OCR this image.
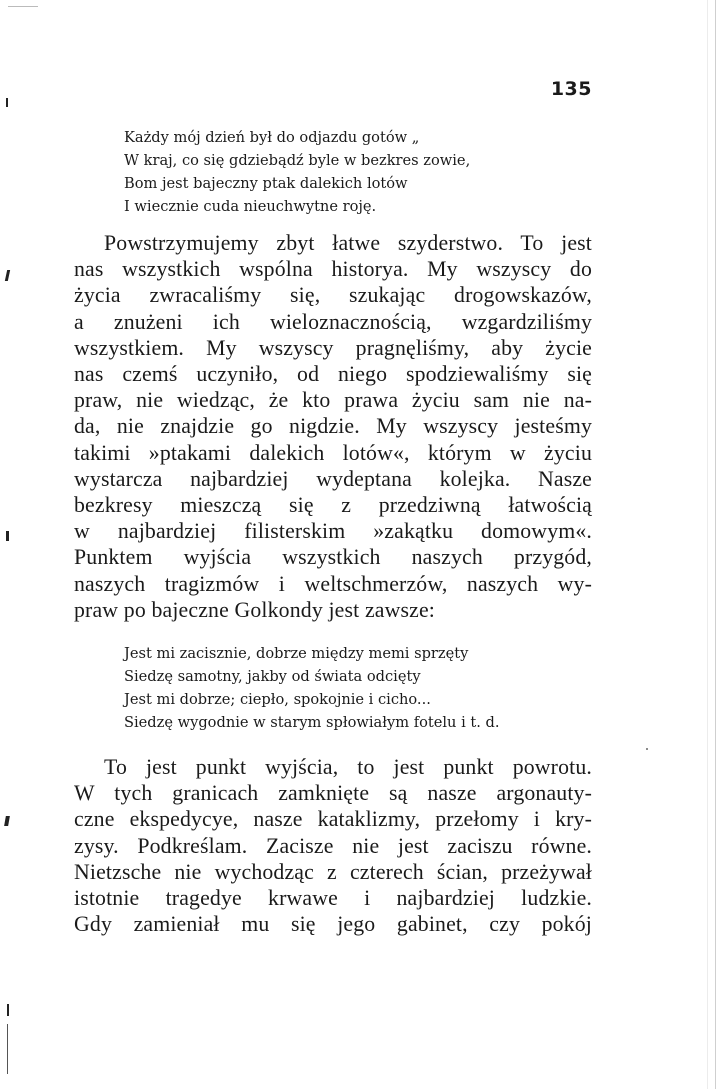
135
Każdy mój dzień był do odjazdu gotów „
W kraj, co się gdziebądź byle w bezkres zowie,
Bom jest bajeczny ptak dalekich lotów
I wiecznie cuda nieuchwytne roję.
Powstrzymujemy zbyt łatwe szyderstwo. To jest
nas wszystkich wspólna historya. My wszyscy do
życia zwracaliśmy się, szukając drogowskazów,
a znużeni ich wieloznacznością, wzgardziliśmy
wszystkiem. My wszyscy pragnęliśmy, aby życie
nas czemś uczyniło, od niego spodziewaliśmy się
praw, nie wiedząc, że kto prawa życiu sam nie na-
da, nie znajdzie go nigdzie. My wszyscy jesteśmy
takimi »ptakami dalekich lotów«, którym w życiu
wystarcza najbardziej wydeptana kolejka. Nasze
bezkresy mieszczą się z przedziwną łatwością
w najbardziej filisterskim »zakątku domowym«.
Punktem wyjścia wszystkich naszych przygód,
naszych tragizmów i weltschmerzów, naszych wy-
praw po bajeczne Golkondy jest zawsze:
Jest mi zacisznie, dobrze między memi sprzęty
Siedzę samotny, jakby od świata odcięty
Jest mi dobrze; ciepło, spokojnie i cicho...
Siedzę wygodnie w starym spłowiałym fotelu i t. d.
To jest punkt wyjścia, to jest punkt powrotu.
W tych granicach zamknięte są nasze argonauty-
czne ekspedycye, nasze kataklizmy, przełomy i kry-
zysy. Podkreślam. Zacisze nie jest zaciszu równe.
Nietzsche nie wychodząc z czterech ścian, przeżywał
istotnie tragedye krwawe i najbardziej ludzkie.
Gdy zamieniał mu się jego gabinet, czy pokój
